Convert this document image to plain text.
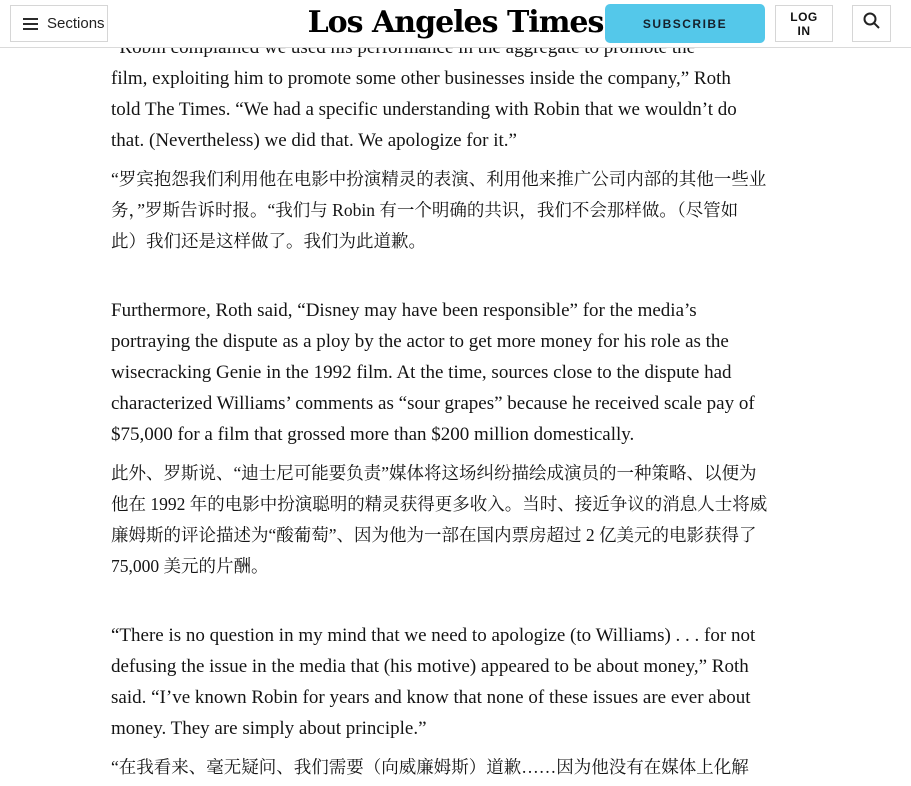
Sections	Los Angeles Times	SUBSCRIBE	LOG IN
film, exploiting him to promote some other businesses inside the company,” Roth
told The Times. “We had a specific understanding with Robin that we wouldn’t do
that. (Nevertheless) we did that. We apologize for it.”
“罗宾抱怨我们利用他在电影中扮演精灵的表演、利用他来推广公司内部的其他一些业
务，”罗斯告诉时报。“我们与 Robin 有一个明确的共识，我们不会那样做。（尽管如
此）我们还是这样做了。我们为此道歉。
Furthermore, Roth said, “Disney may have been responsible” for the media’s
portraying the dispute as a ploy by the actor to get more money for his role as the
wisecracking Genie in the 1992 film. At the time, sources close to the dispute had
characterized Williams’ comments as “sour grapes” because he received scale pay of
$75,000 for a film that grossed more than $200 million domestically.
此外、罗斯说、“迪士尼可能要负责”媒体将这场纠纷描绘成演员的一种策略、以便为
他在 1992 年的电影中扮演聪明的精灵获得更多收入。当时、接近争议的消息人士将威
廉姆斯的评论描述为“酸葡萄”、因为他为一部在国内票房超过 2 亿美元的电影获得了
75,000 美元的片酬。
“There is no question in my mind that we need to apologize (to Williams) . . . for not
defusing the issue in the media that (his motive) appeared to be about money,” Roth
said. “I’ve known Robin for years and know that none of these issues are ever about
money. They are simply about principle.”
“在我看来、毫无疑问、我们需要（向威廉姆斯）道歉……因为他没有在媒体上化解
